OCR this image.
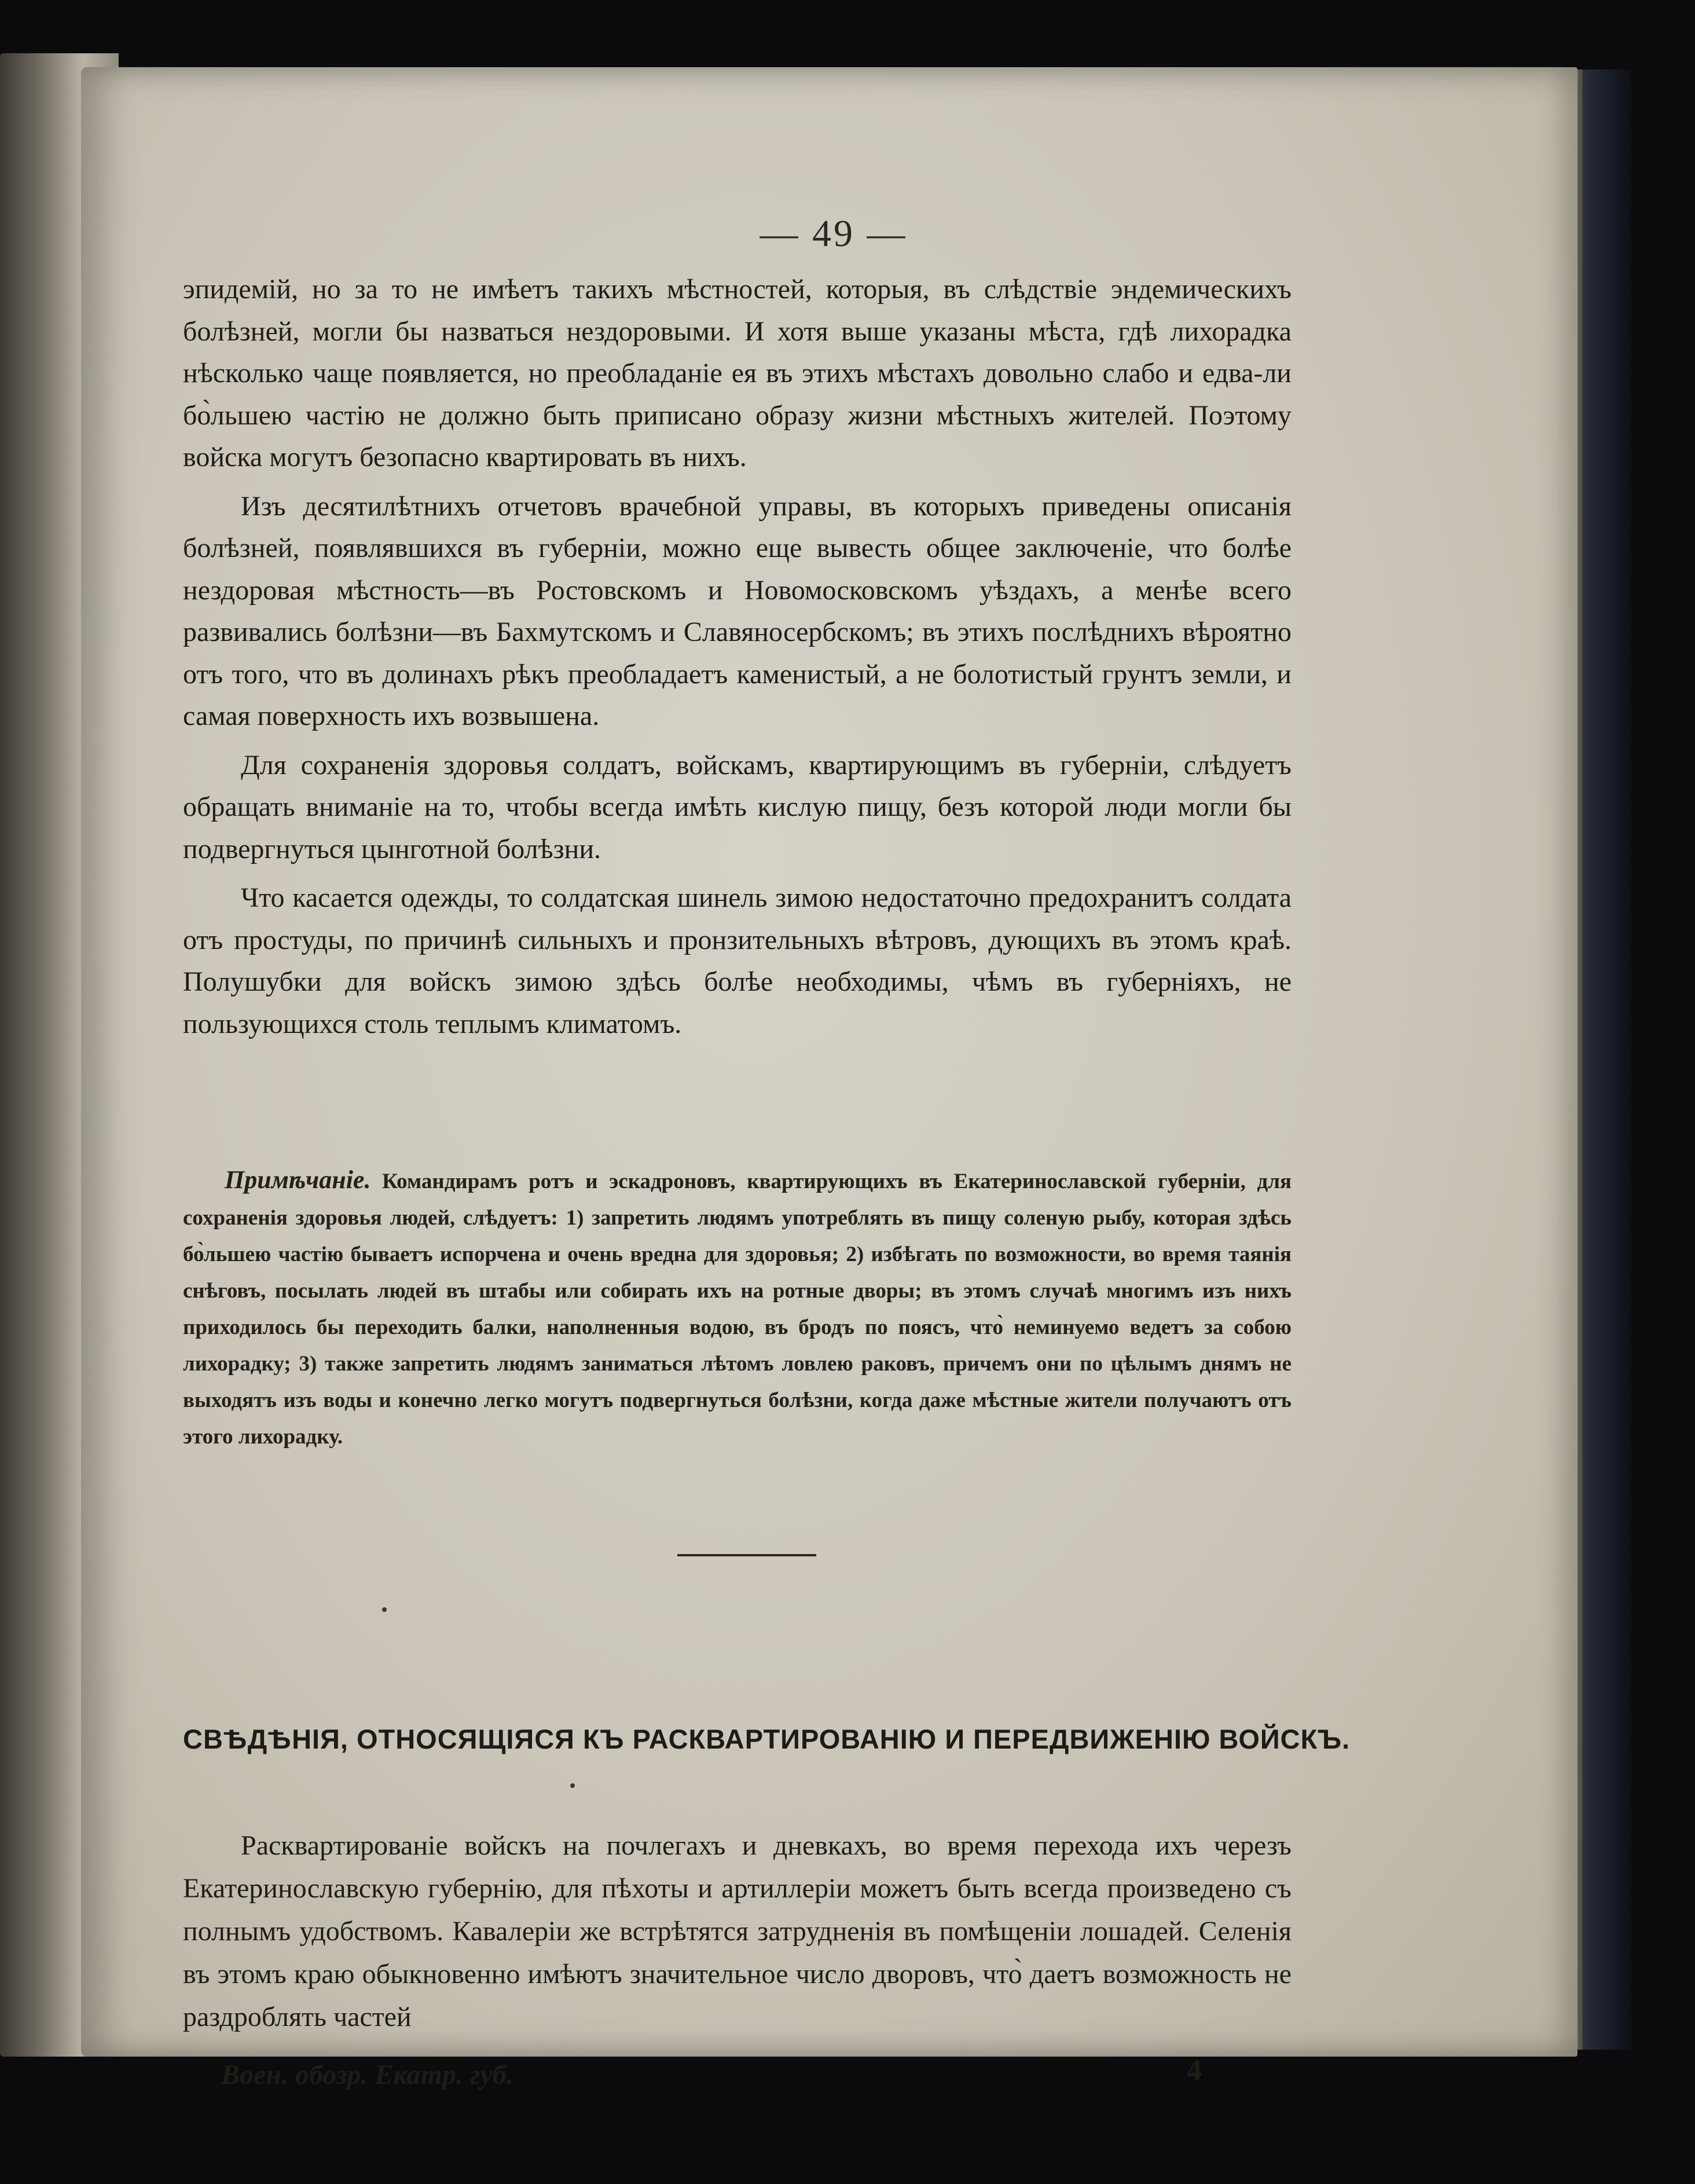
— 49 —

эпидемій, но за то не имѣетъ такихъ мѣстностей, которыя, въ слѣдствіе эндемическихъ болѣзней, могли бы назваться нездоровыми. И хотя выше указаны мѣста, гдѣ лихорадка нѣсколько чаще появляется, но преобладаніе ея въ этихъ мѣстахъ довольно слабо и едва-ли бо̀льшею частію не должно быть приписано образу жизни мѣстныхъ жителей. Поэтому войска могутъ безопасно квартировать въ нихъ.

Изъ десятилѣтнихъ отчетовъ врачебной управы, въ которыхъ приведены описанія болѣзней, появлявшихся въ губерніи, можно еще вывесть общее заключеніе, что болѣе нездоровая мѣстность—въ Ростовскомъ и Новомосковскомъ уѣздахъ, а менѣе всего развивались болѣзни—въ Бахмутскомъ и Славяносербскомъ; въ этихъ послѣднихъ вѣроятно отъ того, что въ долинахъ рѣкъ преобладаетъ каменистый, а не болотистый грунтъ земли, и самая поверхность ихъ возвышена.

Для сохраненія здоровья солдатъ, войскамъ, квартирующимъ въ губерніи, слѣдуетъ обращать вниманіе на то, чтобы всегда имѣть кислую пищу, безъ которой люди могли бы подвергнуться цынготной болѣзни.

Что касается одежды, то солдатская шинель зимою недостаточно предохранитъ солдата отъ простуды, по причинѣ сильныхъ и пронзительныхъ вѣтровъ, дующихъ въ этомъ краѣ. Полушубки для войскъ зимою здѣсь болѣе необходимы, чѣмъ въ губерніяхъ, не пользующихся столь теплымъ климатомъ.

Примѣчаніе. Командирамъ ротъ и эскадроновъ, квартирующихъ въ Екатеринославской губерніи, для сохраненія здоровья людей, слѣдуетъ: 1) запретить людямъ употреблять въ пищу соленую рыбу, которая здѣсь бо̀льшею частію бываетъ испорчена и очень вредна для здоровья; 2) избѣгать по возможности, во время таянія снѣговъ, посылать людей въ штабы или собирать ихъ на ротные дворы; въ этомъ случаѣ многимъ изъ нихъ приходилось бы переходить балки, наполненныя водою, въ бродъ по поясъ, что̀ неминуемо ведетъ за собою лихорадку; 3) также запретить людямъ заниматься лѣтомъ ловлею раковъ, причемъ они по цѣлымъ днямъ не выходятъ изъ воды и конечно легко могутъ подвергнуться болѣзни, когда даже мѣстные жители получаютъ отъ этого лихорадку.
СВѢДѢНІЯ, ОТНОСЯЩІЯСЯ КЪ РАСКВАРТИРОВАНІЮ И ПЕРЕДВИЖЕНІЮ ВОЙСКЪ.

Расквартированіе войскъ на почлегахъ и дневкахъ, во время перехода ихъ черезъ Екатеринославскую губернію, для пѣхоты и артиллеріи можетъ быть всегда произведено съ полнымъ удобствомъ. Кавалеріи же встрѣтятся затрудненія въ помѣщеніи лошадей. Селенія въ этомъ краю обыкновенно имѣютъ значительное число дворовъ, что̀ даетъ возможность не раздроблять частей

Воен. обозр. Екатр. губ.	4
